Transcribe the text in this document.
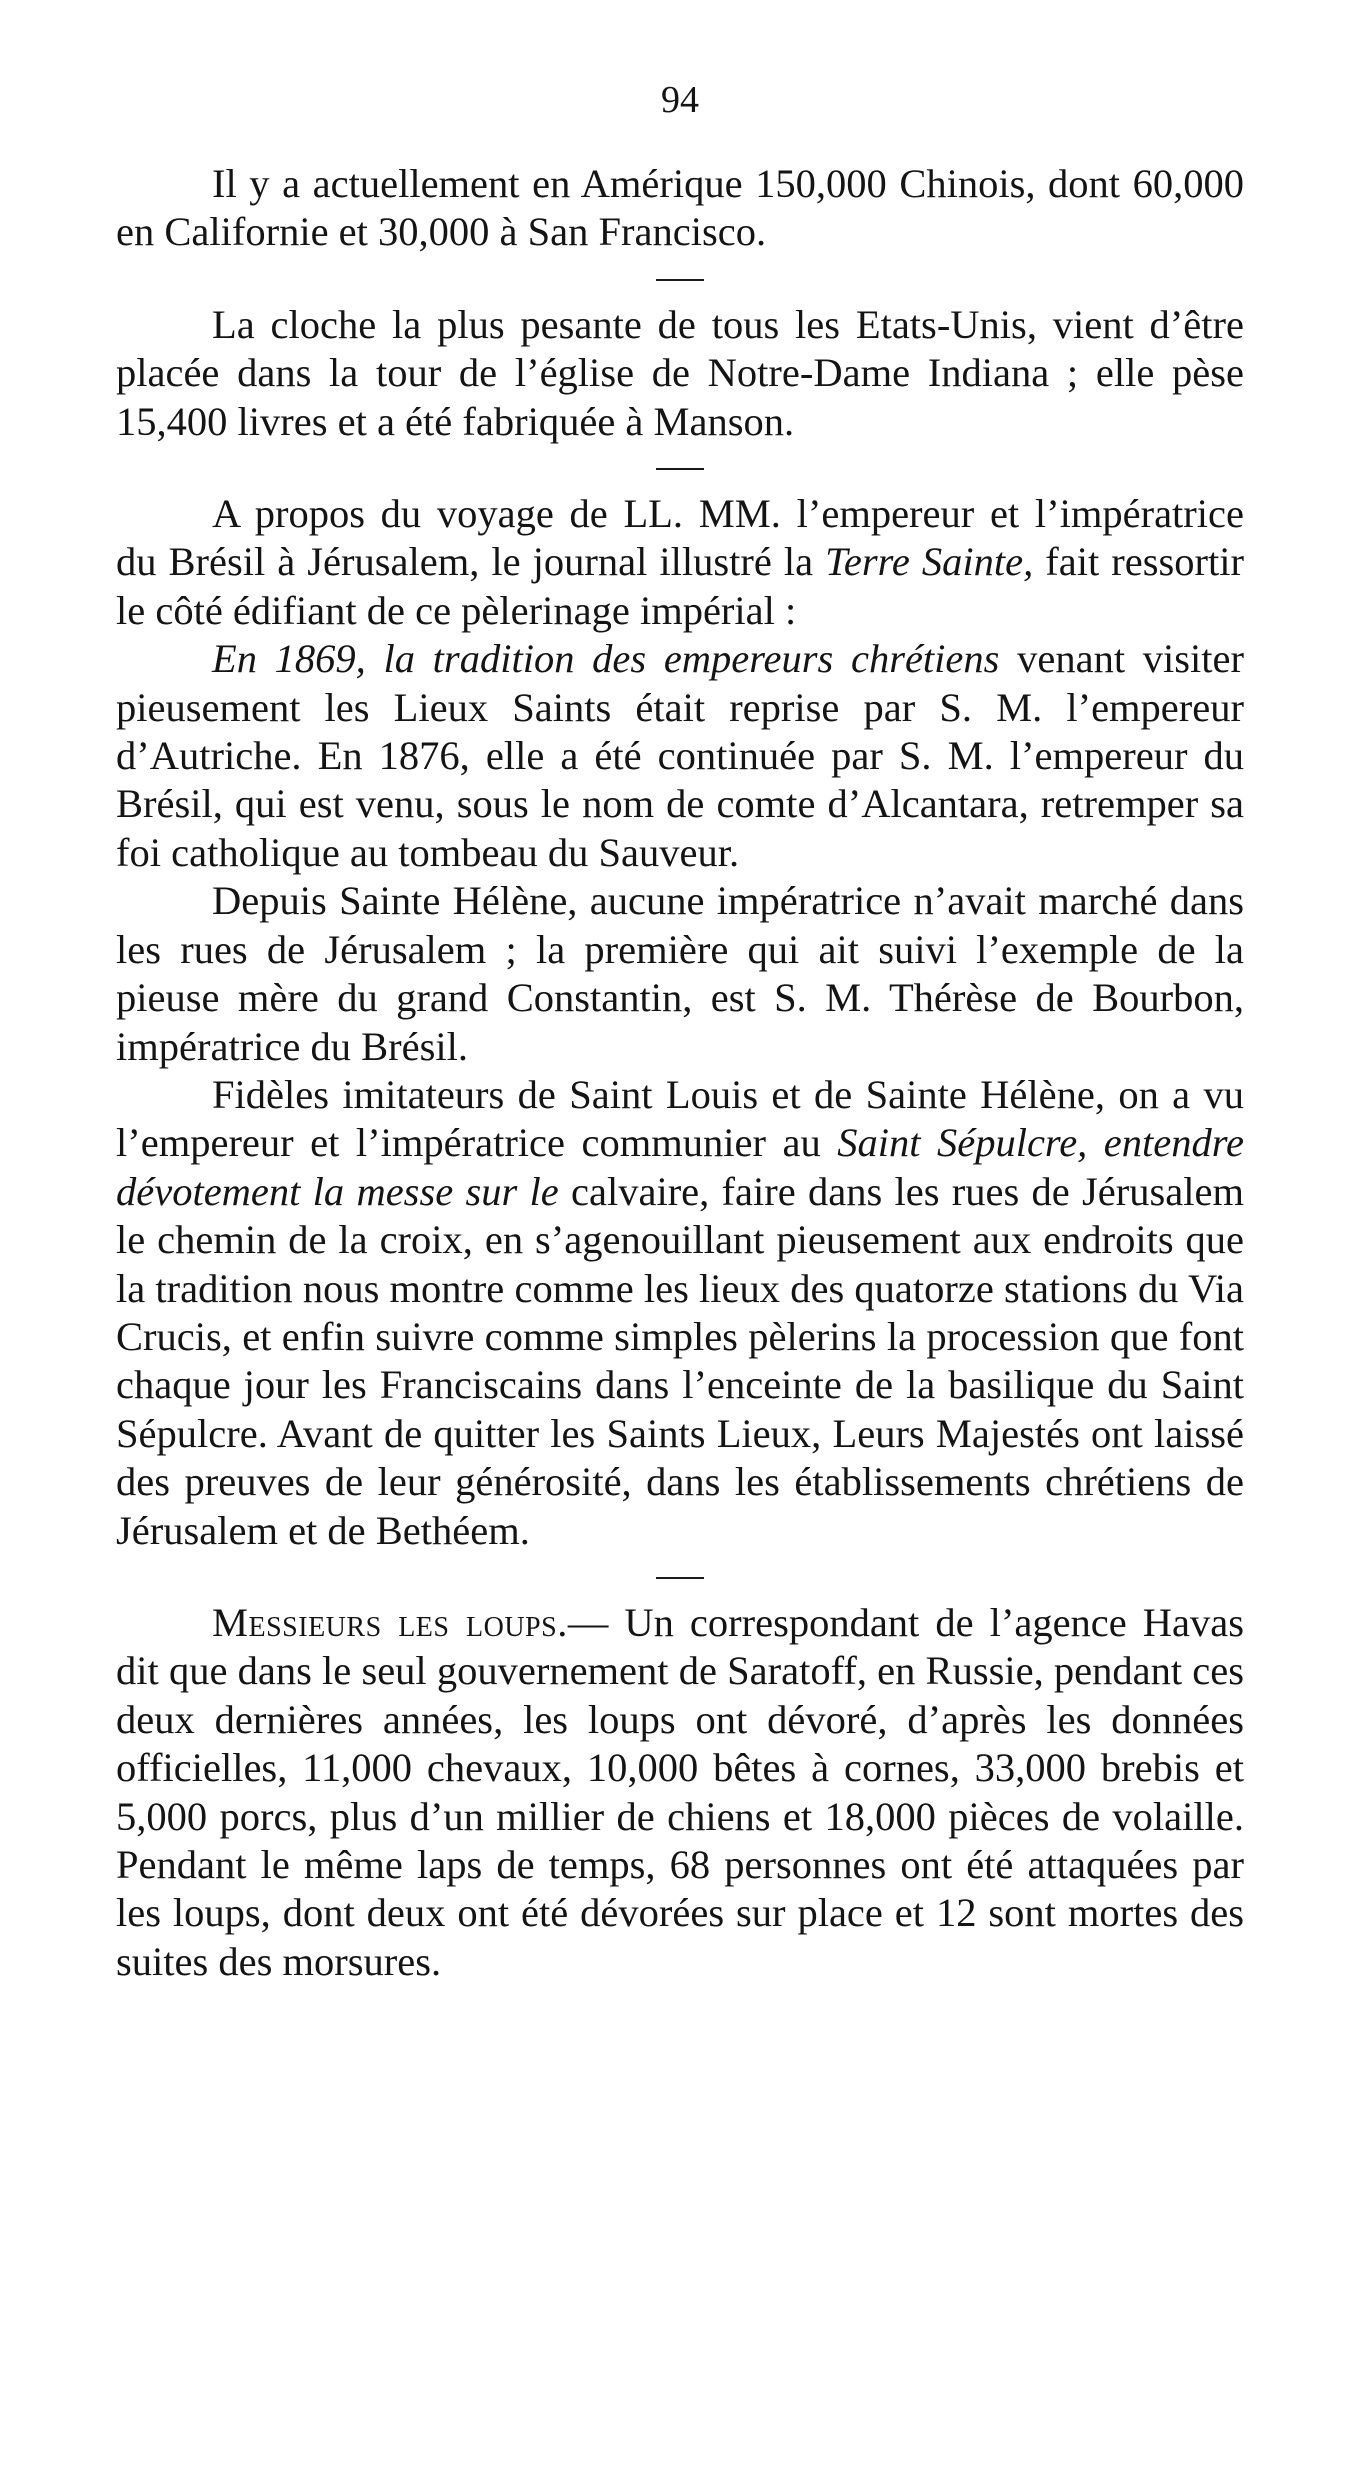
94

Il y a actuellement en Amérique 150,000 Chinois, dont 60,000 en Californie et 30,000 à San Francisco.

La cloche la plus pesante de tous les Etats-Unis, vient d’être placée dans la tour de l’église de Notre-Dame Indiana ; elle pèse 15,400 livres et a été fabriquée à Manson.

A propos du voyage de LL. MM. l’empereur et l’impératrice du Brésil à Jérusalem, le journal illustré la Terre Sainte, fait ressortir le côté édifiant de ce pèlerinage impérial :

En 1869, la tradition des empereurs chrétiens venant visiter pieusement les Lieux Saints était reprise par S. M. l’empereur d’Autriche. En 1876, elle a été continuée par S. M. l’empereur du Brésil, qui est venu, sous le nom de comte d’Alcantara, retremper sa foi catholique au tombeau du Sauveur.

Depuis Sainte Hélène, aucune impératrice n’avait marché dans les rues de Jérusalem ; la première qui ait suivi l’exemple de la pieuse mère du grand Constantin, est S. M. Thérèse de Bourbon, impératrice du Brésil.

Fidèles imitateurs de Saint Louis et de Sainte Hélène, on a vu l’empereur et l’impératrice communier au Saint Sépulcre, entendre dévotement la messe sur le calvaire, faire dans les rues de Jérusalem le chemin de la croix, en s’agenouillant pieusement aux endroits que la tradition nous montre comme les lieux des quatorze stations du Via Crucis, et enfin suivre comme simples pèlerins la procession que font chaque jour les Franciscains dans l’enceinte de la basilique du Saint Sépulcre. Avant de quitter les Saints Lieux, Leurs Majestés ont laissé des preuves de leur générosité, dans les établissements chrétiens de Jérusalem et de Bethéem.

Messieurs les loups.— Un correspondant de l’agence Havas dit que dans le seul gouvernement de Saratoff, en Russie, pendant ces deux dernières années, les loups ont dévoré, d’après les données officielles, 11,000 chevaux, 10,000 bêtes à cornes, 33,000 brebis et 5,000 porcs, plus d’un millier de chiens et 18,000 pièces de volaille. Pendant le même laps de temps, 68 personnes ont été attaquées par les loups, dont deux ont été dévorées sur place et 12 sont mortes des suites des morsures.
